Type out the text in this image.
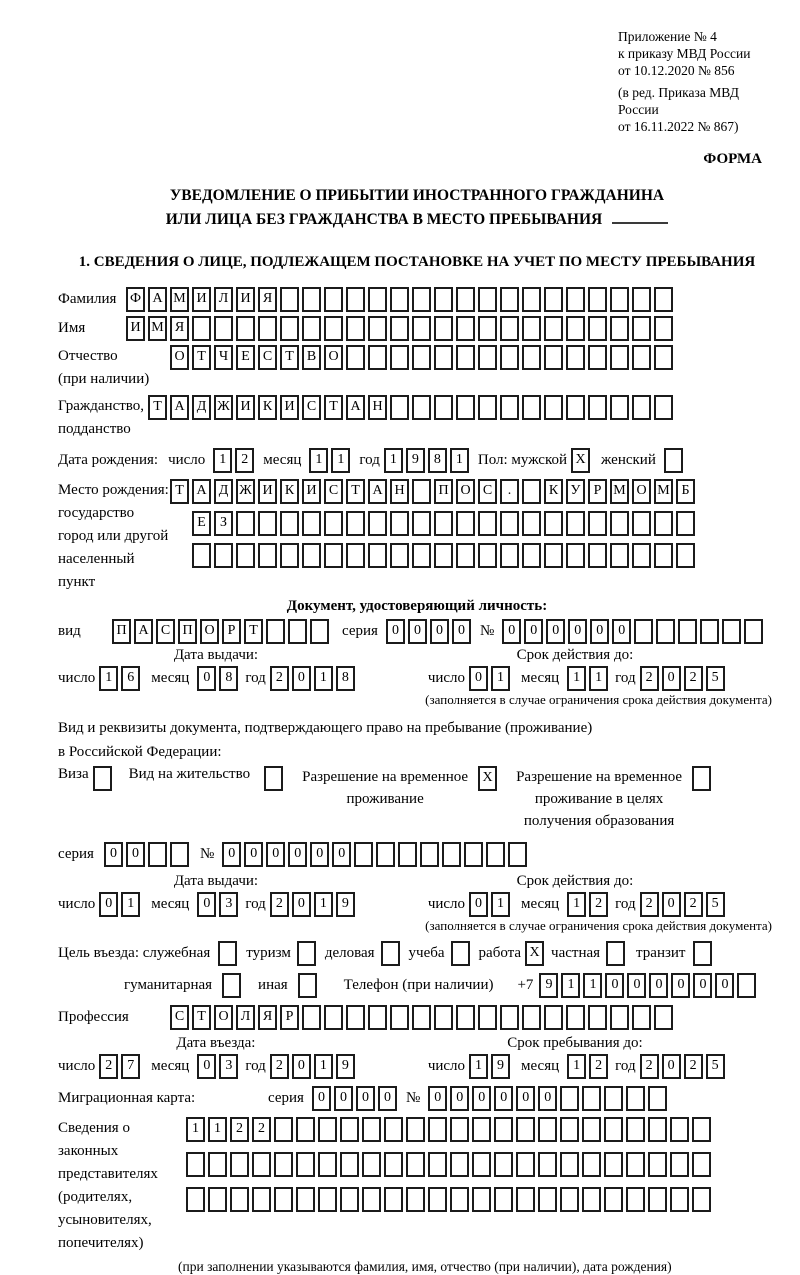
Приложение № 4
к приказу МВД России
от 10.12.2020 № 856
(в ред. Приказа МВД России
от 16.11.2022 № 867)
ФОРМА
УВЕДОМЛЕНИЕ О ПРИБЫТИИ ИНОСТРАННОГО ГРАЖДАНИНА
ИЛИ ЛИЦА БЕЗ ГРАЖДАНСТВА В МЕСТО ПРЕБЫВАНИЯ
1. СВЕДЕНИЯ О ЛИЦЕ, ПОДЛЕЖАЩЕМ ПОСТАНОВКЕ НА УЧЕТ ПО МЕСТУ ПРЕБЫВАНИЯ
Фамилия Ф А М И Л И Я
Имя	И М Я
Отчество
(при наличии)
О Т Ч Е С Т В О
Гражданство,
подданство
Т А Д Ж И К И С Т А Н
Дата рождения: число	1 2	месяц	1 1	год 1 9 8 1	Пол: мужской X	женский
Место рождения:
государство
город или другой
населенный пункт
Т А Д Ж И К И С Т А Н П О С .	К У Р М О М Б
Е З
Документ, удостоверяющий личность:
вид	П А С П О Р Т	серия	0 0 0 0	№	0 0 0 0 0 0
Дата выдачи:	Срок действия до:
число 1 6	месяц	0 8 год 2 0 1 8	число 0 1	месяц	1 1 год 2 0 2 5
(заполняется в случае ограничения срока действия документа)
Вид и реквизиты документа, подтверждающего право на пребывание (проживание)
в Российской Федерации:
Виза	Вид на жительство	Разрешение на временное
проживание
X	Разрешение на временное
проживание в целях
получения образования
серия	0 0	№	0 0 0 0 0 0
Дата выдачи:	Срок действия до:
число 0 1	месяц	0 3 год 2 0 1 9	число 0 1	месяц	1 2 год 2 0 2 5
(заполняется в случае ограничения срока действия документа)
Цель въезда: служебная туризм деловая учеба работа X частная транзит
гуманитарная	иная	Телефон (при наличии) +7 9 1 1 0 0 0 0 0 0
Профессия	С Т О Л Я Р
Дата въезда:	Срок пребывания до:
число 2 7	месяц	0 3 год 2 0 1 9	число 1 9	месяц	1 2 год 2 0 2 5
Миграционная карта:	серия	0 0 0 0	№	0 0 0 0 0 0
Сведения о
законных
представителях
(родителях,
усыновителях,
попечителях)
1 1 2 2
(при заполнении указываются фамилия, имя, отчество (при наличии), дата рождения)
